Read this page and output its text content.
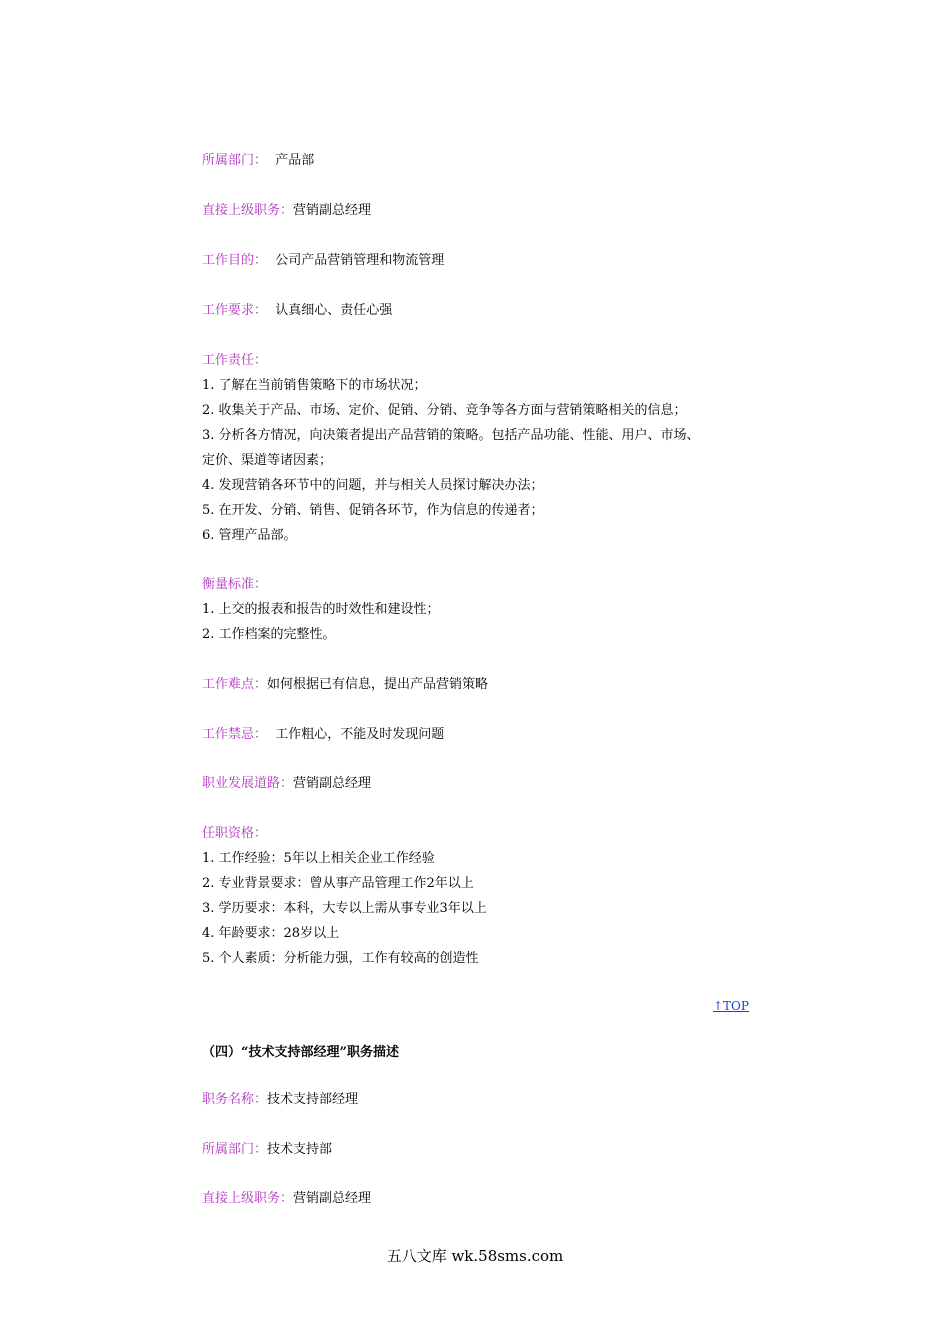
所属部门： 产品部
直接上级职务：营销副总经理
工作目的： 公司产品营销管理和物流管理
工作要求： 认真细心、责任心强
工作责任：
1. 了解在当前销售策略下的市场状况；
2. 收集关于产品、市场、定价、促销、分销、竞争等各方面与营销策略相关的信息；
3. 分析各方情况，向决策者提出产品营销的策略。包括产品功能、性能、用户、市场、
定价、渠道等诸因素；
4. 发现营销各环节中的问题，并与相关人员探讨解决办法；
5. 在开发、分销、销售、促销各环节，作为信息的传递者；
6. 管理产品部。
衡量标准：
1. 上交的报表和报告的时效性和建设性；
2. 工作档案的完整性。
工作难点：如何根据已有信息，提出产品营销策略
工作禁忌： 工作粗心，不能及时发现问题
职业发展道路：营销副总经理
任职资格：
1. 工作经验：5年以上相关企业工作经验
2. 专业背景要求：曾从事产品管理工作2年以上
3. 学历要求：本科，大专以上需从事专业3年以上
4. 年龄要求：28岁以上
5. 个人素质：分析能力强，工作有较高的创造性
↑TOP
（四）“技术支持部经理”职务描述
职务名称：技术支持部经理
所属部门：技术支持部
直接上级职务：营销副总经理
五八文库 wk.58sms.com
